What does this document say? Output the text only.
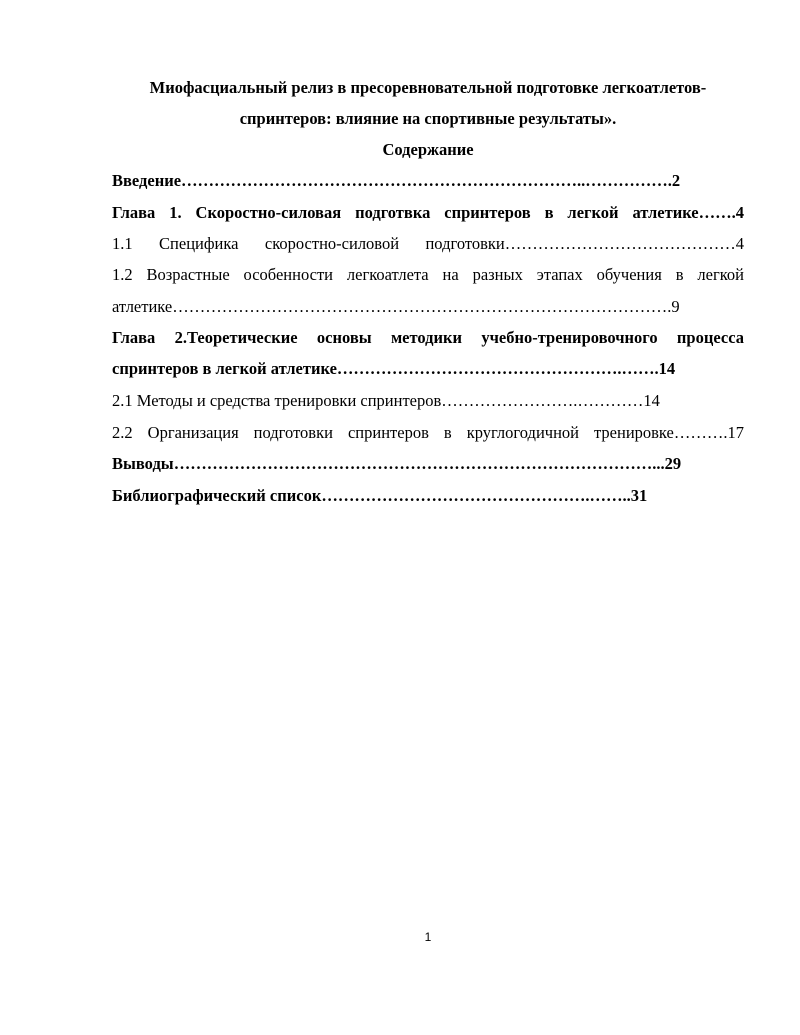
Миофасциальный релиз в пресоревновательной подготовке легкоатлетов-
спринтеров: влияние на спортивные результаты».
Содержание
Введение………………………………………………………………..…………….2
Глава 1. Скоростно-силовая подготвка спринтеров в легкой атлетике…….4
1.1 Специфика скоростно-силовой подготовки……………………………………4
1.2 Возрастные особенности легкоатлета на разных этапах обучения в легкой
атлетике……………………………………………………………………………….9
Глава 2.Теоретические основы методики учебно-тренировочного процесса
спринтеров в легкой атлетике…………………………………………….…….14
2.1 Методы и средства тренировки спринтеров…………………….…………14
2.2 Организация подготовки спринтеров в круглогодичной тренировке……….17
Выводы……………………………………………………………………………...29
Библиографический список………………………………………….……..31
1
